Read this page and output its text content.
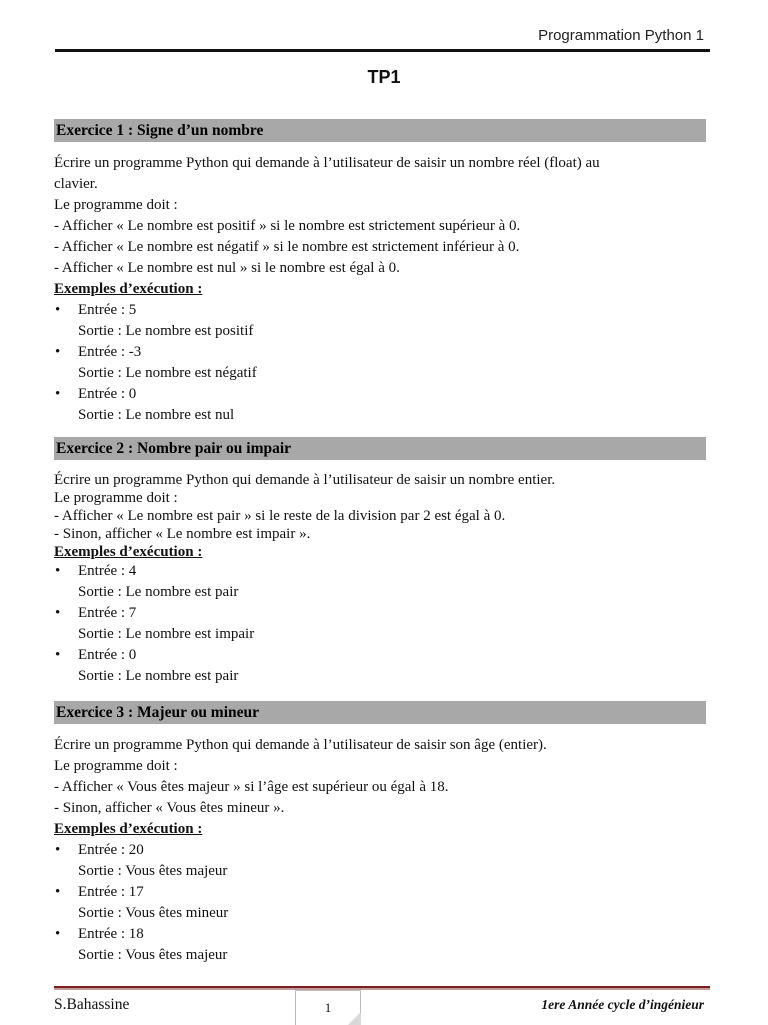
Programmation Python 1
TP1
Exercice 1 : Signe d’un nombre
Écrire un programme Python qui demande à l’utilisateur de saisir un nombre réel (float) au
clavier.
Le programme doit :
- Afficher « Le nombre est positif » si le nombre est strictement supérieur à 0.
- Afficher « Le nombre est négatif » si le nombre est strictement inférieur à 0.
- Afficher « Le nombre est nul » si le nombre est égal à 0.
Exemples d’exécution :
• Entrée : 5
Sortie : Le nombre est positif
• Entrée : -3
Sortie : Le nombre est négatif
• Entrée : 0
Sortie : Le nombre est nul
Exercice 2 : Nombre pair ou impair
Écrire un programme Python qui demande à l’utilisateur de saisir un nombre entier.
Le programme doit :
- Afficher « Le nombre est pair » si le reste de la division par 2 est égal à 0.
- Sinon, afficher « Le nombre est impair ».
Exemples d’exécution :
• Entrée : 4
Sortie : Le nombre est pair
• Entrée : 7
Sortie : Le nombre est impair
• Entrée : 0
Sortie : Le nombre est pair
Exercice 3 : Majeur ou mineur
Écrire un programme Python qui demande à l’utilisateur de saisir son âge (entier).
Le programme doit :
- Afficher « Vous êtes majeur » si l’âge est supérieur ou égal à 18.
- Sinon, afficher « Vous êtes mineur ».
Exemples d’exécution :
• Entrée : 20
Sortie : Vous êtes majeur
• Entrée : 17
Sortie : Vous êtes mineur
• Entrée : 18
Sortie : Vous êtes majeur
S.Bahassine	1	1ere Année cycle d’ingénieur
